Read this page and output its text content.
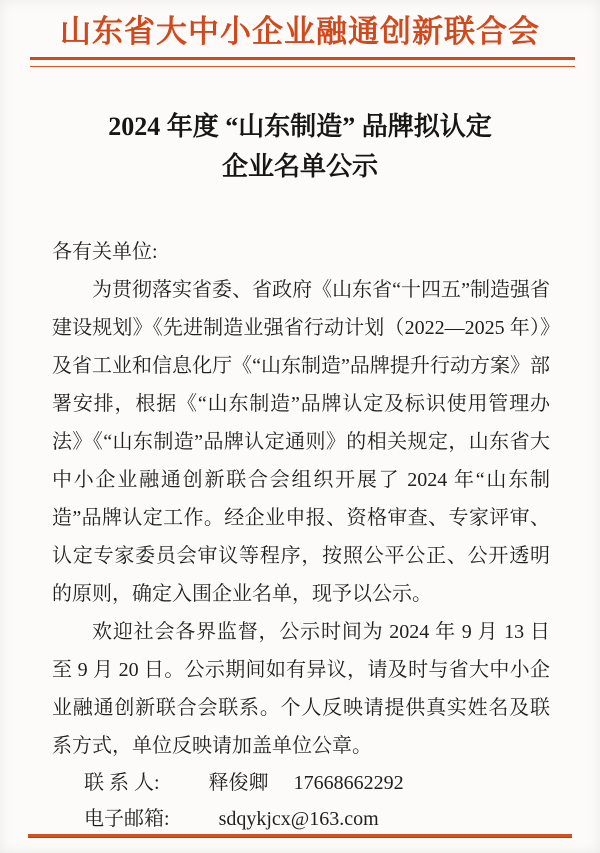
山东省大中小企业融通创新联合会
2024 年度 “山东制造” 品牌拟认定
企业名单公示

各有关单位:

为贯彻落实省委、省政府《山东省“十四五”制造强省建设规划》《先进制造业强省行动计划（2022—2025 年）》及省工业和信息化厅《“山东制造”品牌提升行动方案》部署安排，根据《“山东制造”品牌认定及标识使用管理办法》《“山东制造”品牌认定通则》的相关规定，山东省大中小企业融通创新联合会组织开展了 2024 年“山东制造”品牌认定工作。经企业申报、资格审查、专家评审、认定专家委员会审议等程序，按照公平公正、公开透明的原则，确定入围企业名单，现予以公示。

欢迎社会各界监督，公示时间为 2024 年 9 月 13 日至 9 月 20 日。公示期间如有异议，请及时与省大中小企业融通创新联合会联系。个人反映请提供真实姓名及联系方式，单位反映请加盖单位公章。

联 系 人: 释俊卿 17668662292
电子邮箱: sdqykjcx@163.com
